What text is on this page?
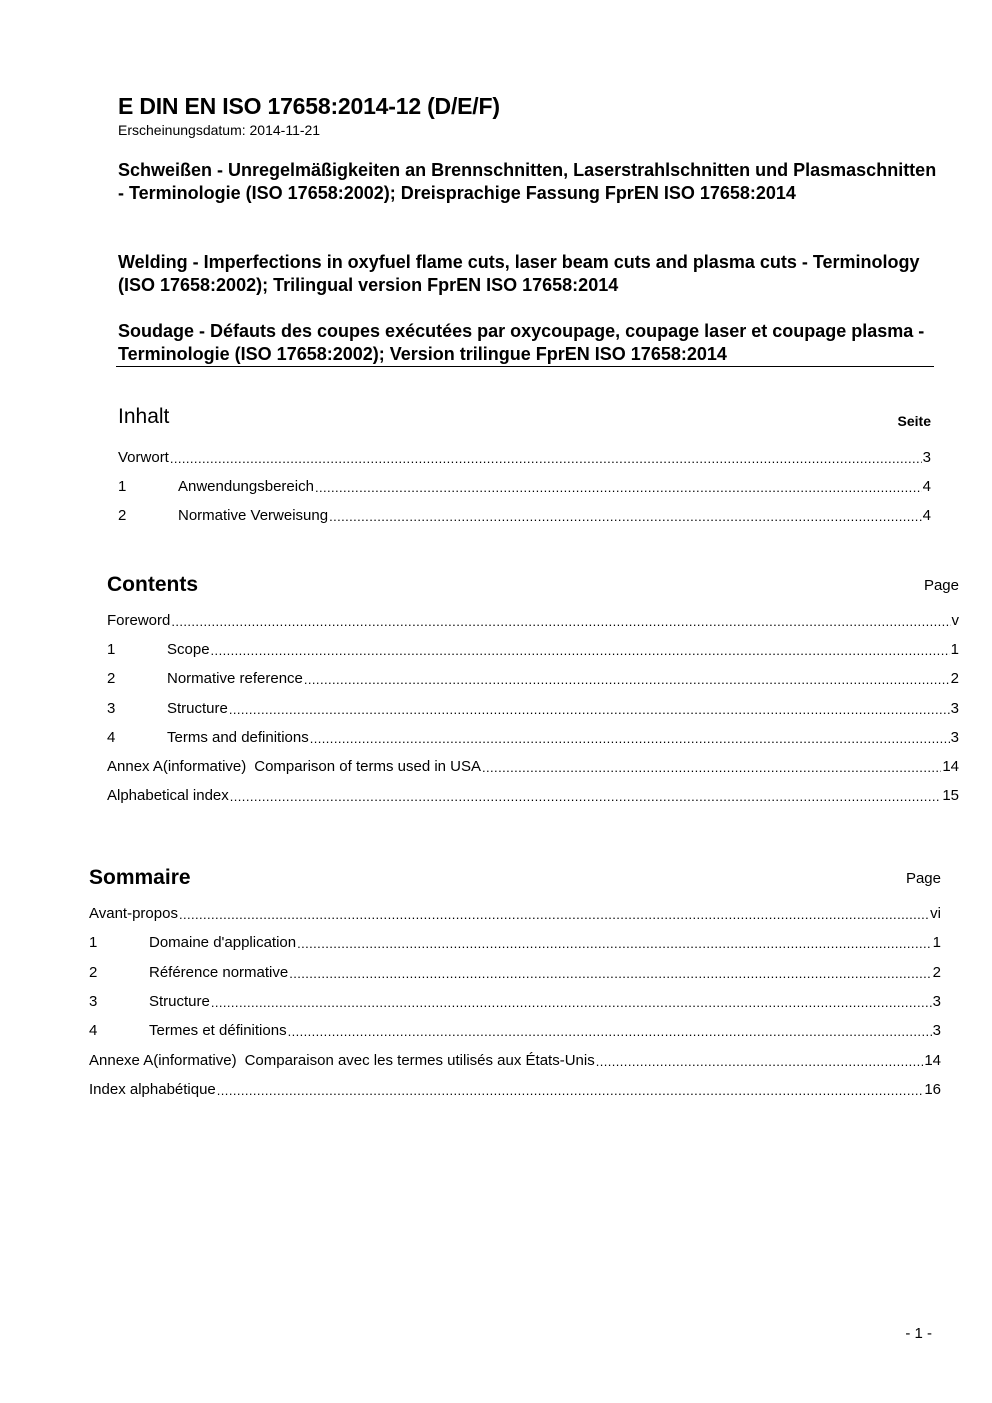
E DIN EN ISO 17658:2014-12 (D/E/F)
Erscheinungsdatum: 2014-11-21
Schweißen - Unregelmäßigkeiten an Brennschnitten, Laserstrahlschnitten und Plasmaschnitten - Terminologie (ISO 17658:2002); Dreisprachige Fassung FprEN ISO 17658:2014
Welding - Imperfections in oxyfuel flame cuts, laser beam cuts and plasma cuts - Terminology (ISO 17658:2002); Trilingual version FprEN ISO 17658:2014
Soudage - Défauts des coupes exécutées par oxycoupage, coupage laser et coupage plasma - Terminologie (ISO 17658:2002); Version trilingue FprEN ISO 17658:2014
Inhalt	Seite
Vorwort .....	3
1	Anwendungsbereich .....	4
2	Normative Verweisung .....	4
Contents	Page
Foreword .....	v
1	Scope .....	1
2	Normative reference .....	2
3	Structure .....	3
4	Terms and definitions .....	3
Annex A (informative) Comparison of terms used in USA .....	14
Alphabetical index .....	15
Sommaire	Page
Avant-propos .....	vi
1	Domaine d'application .....	1
2	Référence normative .....	2
3	Structure .....	3
4	Termes et définitions .....	3
Annexe A (informative) Comparaison avec les termes utilisés aux États-Unis .....	14
Index alphabétique .....	16
- 1 -
